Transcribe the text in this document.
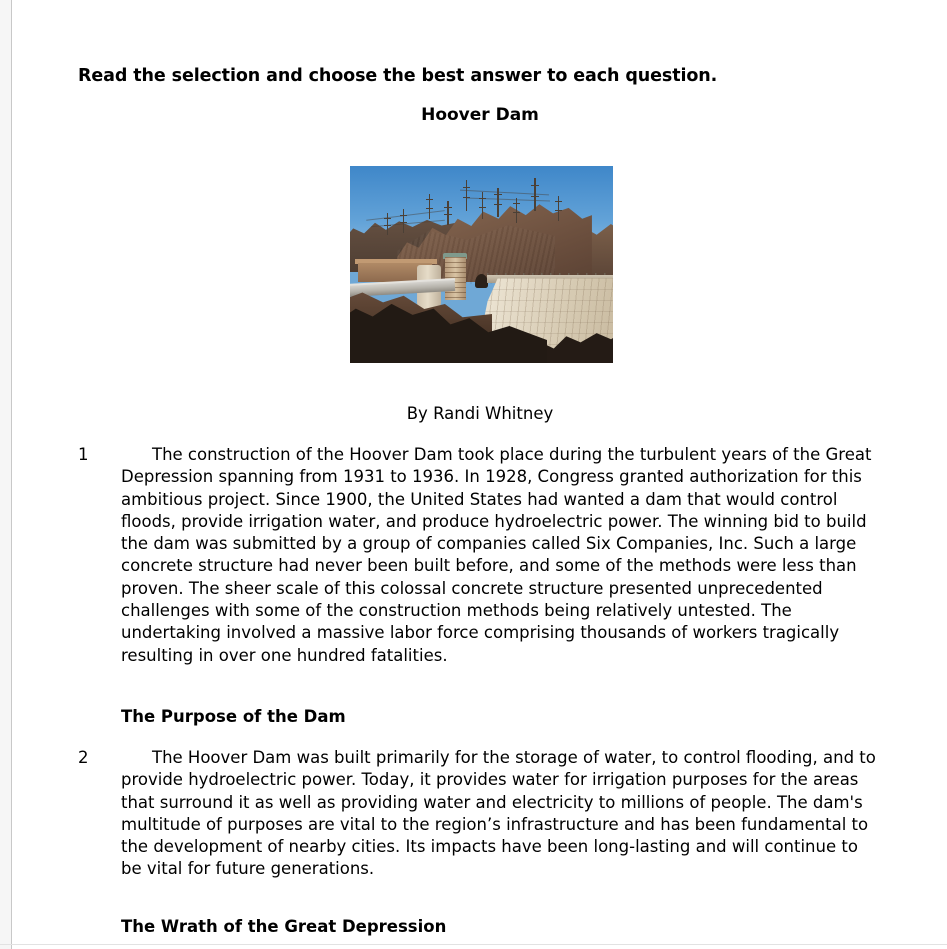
Read the selection and choose the best answer to each question.
Hoover Dam
By Randi Whitney
1	The construction of the Hoover Dam took place during the turbulent years of the Great Depression spanning from 1931 to 1936. In 1928, Congress granted authorization for this ambitious project. Since 1900, the United States had wanted a dam that would control floods, provide irrigation water, and produce hydroelectric power. The winning bid to build the dam was submitted by a group of companies called Six Companies, Inc. Such a large concrete structure had never been built before, and some of the methods were less than proven. The sheer scale of this colossal concrete structure presented unprecedented challenges with some of the construction methods being relatively untested. The undertaking involved a massive labor force comprising thousands of workers tragically resulting in over one hundred fatalities.
The Purpose of the Dam
2	The Hoover Dam was built primarily for the storage of water, to control flooding, and to provide hydroelectric power. Today, it provides water for irrigation purposes for the areas that surround it as well as providing water and electricity to millions of people. The dam's multitude of purposes are vital to the region’s infrastructure and has been fundamental to the development of nearby cities. Its impacts have been long-lasting and will continue to be vital for future generations.
The Wrath of the Great Depression
